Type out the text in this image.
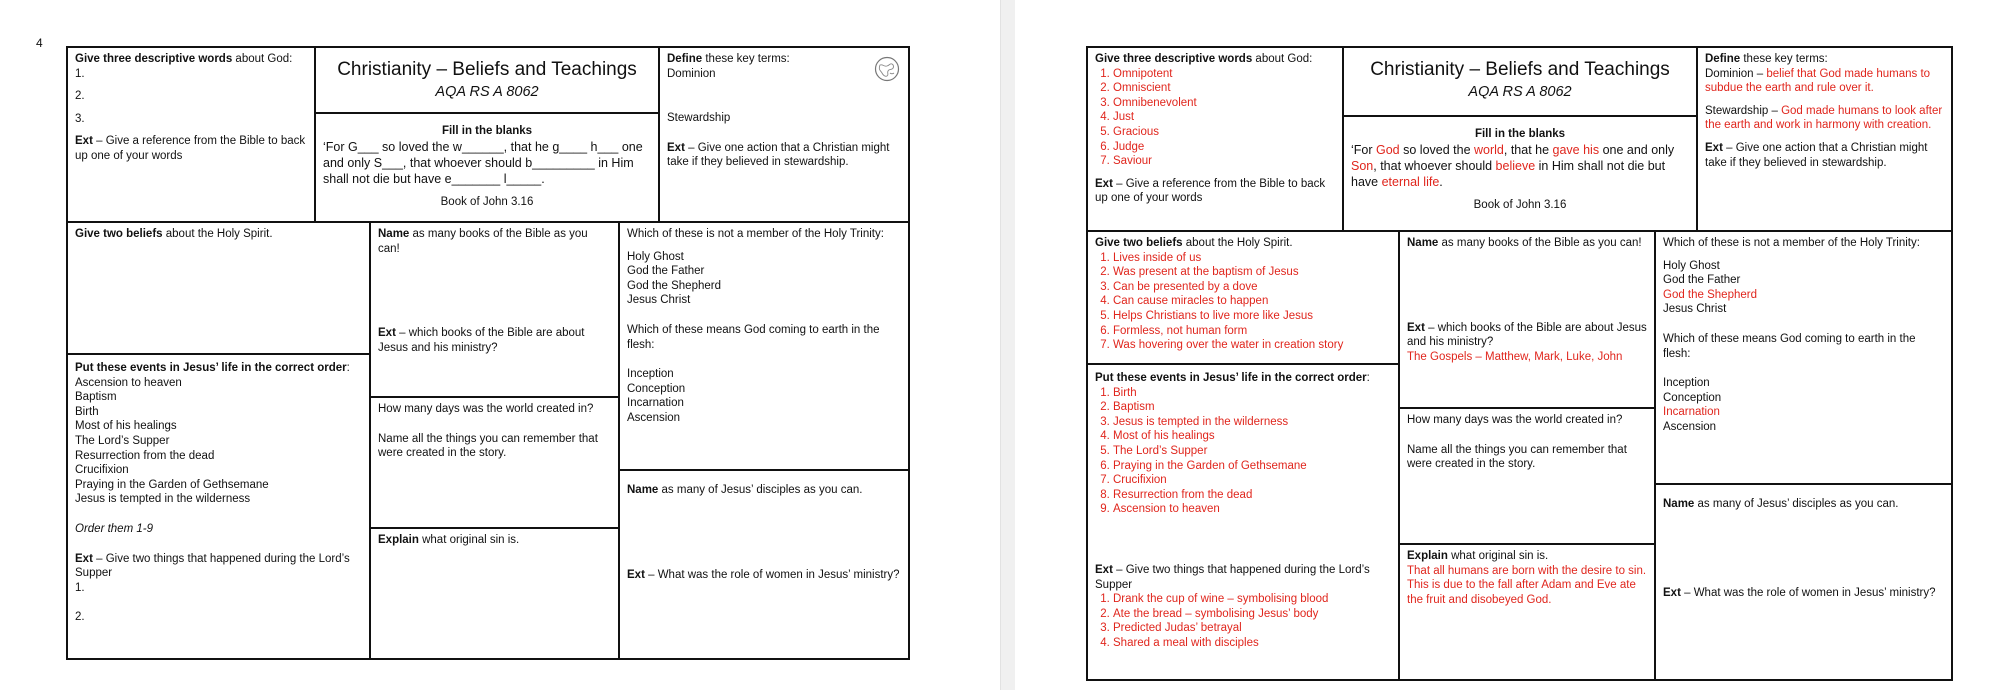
4
Give three descriptive words about God:
1.
2.
3.
Ext – Give a reference from the Bible to back up one of your words
Christianity – Beliefs and Teachings
AQA RS A 8062
Fill in the blanks
‘For G___ so loved the w______, that he g____ h___ one and only S___, that whoever should b_________ in Him shall not die but have e_______ l_____.
Book of John 3.16
Define these key terms:
Dominion
Stewardship
Ext – Give one action that a Christian might take if they believed in stewardship.
Give two beliefs about the Holy Spirit.	Name as many books of the Bible as you can!
Ext – which books of the Bible are about Jesus and his ministry?
Which of these is not a member of the Holy Trinity:
Holy Ghost
God the Father
God the Shepherd
Jesus Christ
Which of these means God coming to earth in the flesh:
Inception
Conception
Incarnation
Ascension
Put these events in Jesus’ life in the correct order:
Ascension to heaven
Baptism
Birth
Most of his healings
The Lord’s Supper
Resurrection from the dead
Crucifixion
Praying in the Garden of Gethsemane
Jesus is tempted in the wilderness
Order them 1-9
Ext – Give two things that happened during the Lord’s Supper
1.
2.
How many days was the world created in?
Name all the things you can remember that were created in the story.
Explain what original sin is.
Name as many of Jesus’ disciples as you can.
Ext – What was the role of women in Jesus’ ministry?
Give three descriptive words about God:
1. Omnipotent
2. Omniscient
3. Omnibenevolent
4. Just
5. Gracious
6. Judge
7. Saviour
Ext – Give a reference from the Bible to back up one of your words
Christianity – Beliefs and Teachings
AQA RS A 8062
Fill in the blanks
‘For God so loved the world, that he gave his one and only Son, that whoever should believe in Him shall not die but have eternal life.
Book of John 3.16
Define these key terms:
Dominion – belief that God made humans to subdue the earth and rule over it.
Stewardship – God made humans to look after the earth and work in harmony with creation.
Ext – Give one action that a Christian might take if they believed in stewardship.
Give two beliefs about the Holy Spirit.
1. Lives inside of us
2. Was present at the baptism of Jesus
3. Can be presented by a dove
4. Can cause miracles to happen
5. Helps Christians to live more like Jesus
6. Formless, not human form
7. Was hovering over the water in creation story
Name as many books of the Bible as you can!
Ext – which books of the Bible are about Jesus and his ministry?
The Gospels – Matthew, Mark, Luke, John
Which of these is not a member of the Holy Trinity:
Holy Ghost
God the Father
God the Shepherd
Jesus Christ
Which of these means God coming to earth in the flesh:
Inception
Conception
Incarnation
Ascension
Put these events in Jesus’ life in the correct order:
1. Birth
2. Baptism
3. Jesus is tempted in the wilderness
4. Most of his healings
5. The Lord’s Supper
6. Praying in the Garden of Gethsemane
7. Crucifixion
8. Resurrection from the dead
9. Ascension to heaven
Ext – Give two things that happened during the Lord’s Supper
1. Drank the cup of wine – symbolising blood
2. Ate the bread – symbolising Jesus’ body
3. Predicted Judas’ betrayal
4. Shared a meal with disciples
How many days was the world created in?
Name all the things you can remember that were created in the story.
Explain what original sin is.
That all humans are born with the desire to sin. This is due to the fall after Adam and Eve ate the fruit and disobeyed God.
Name as many of Jesus’ disciples as you can.
Ext – What was the role of women in Jesus’ ministry?
